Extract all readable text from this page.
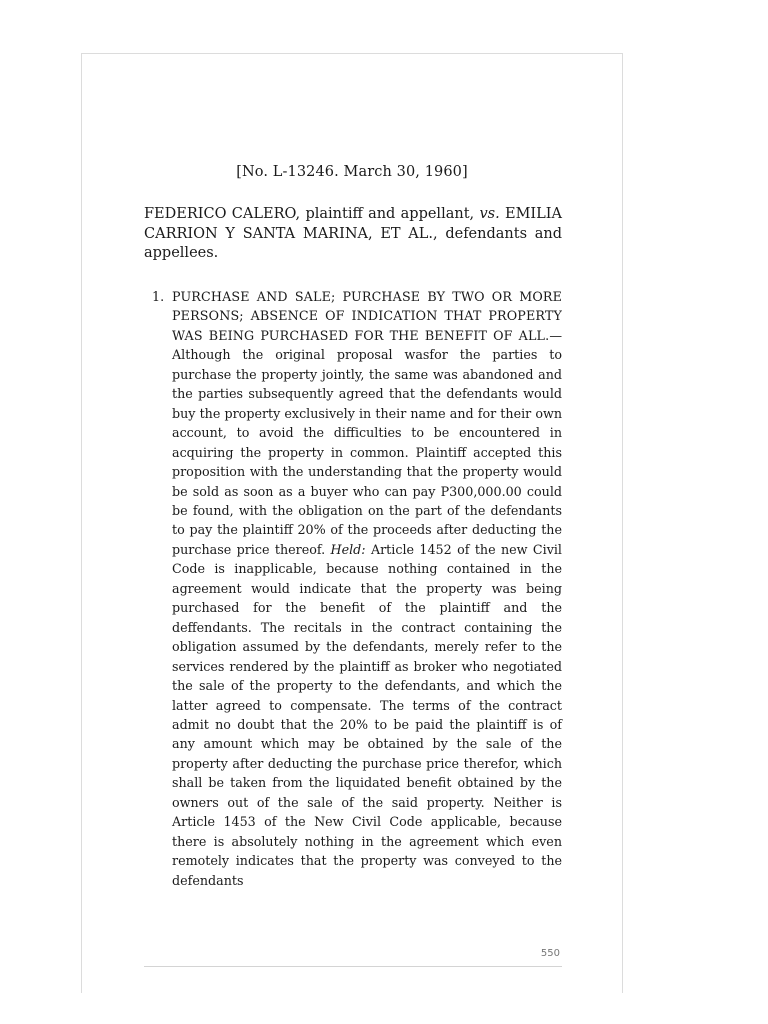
[No. L-13246. March 30, 1960]
FEDERICO CALERO, plaintiff and appellant, vs. EMILIA CARRION Y SANTA MARINA, ET AL., defendants and appellees.
1. PURCHASE AND SALE; PURCHASE BY TWO OR MORE PERSONS; ABSENCE OF INDICATION THAT PROPERTY WAS BEING PURCHASED FOR THE BENEFIT OF ALL.—Although the original proposal wasfor the parties to purchase the property jointly, the same was abandoned and the parties subsequently agreed that the defendants would buy the property exclusively in their name and for their own account, to avoid the difficulties to be encountered in acquiring the property in common. Plaintiff accepted this proposition with the understanding that the property would be sold as soon as a buyer who can pay P300,000.00 could be found, with the obligation on the part of the defendants to pay the plaintiff 20% of the proceeds after deducting the purchase price thereof. Held: Article 1452 of the new Civil Code is inapplicable, because nothing contained in the agreement would indicate that the property was being purchased for the benefit of the plaintiff and the deffendants. The recitals in the contract containing the obligation assumed by the defendants, merely refer to the services rendered by the plaintiff as broker who negotiated the sale of the property to the defendants, and which the latter agreed to compensate. The terms of the contract admit no doubt that the 20% to be paid the plaintiff is of any amount which may be obtained by the sale of the property after deducting the purchase price therefor, which shall be taken from the liquidated benefit obtained by the owners out of the sale of the said property. Neither is Article 1453 of the New Civil Code applicable, because there is absolutely nothing in the agreement which even remotely indicates that the property was conveyed to the defendants
550
